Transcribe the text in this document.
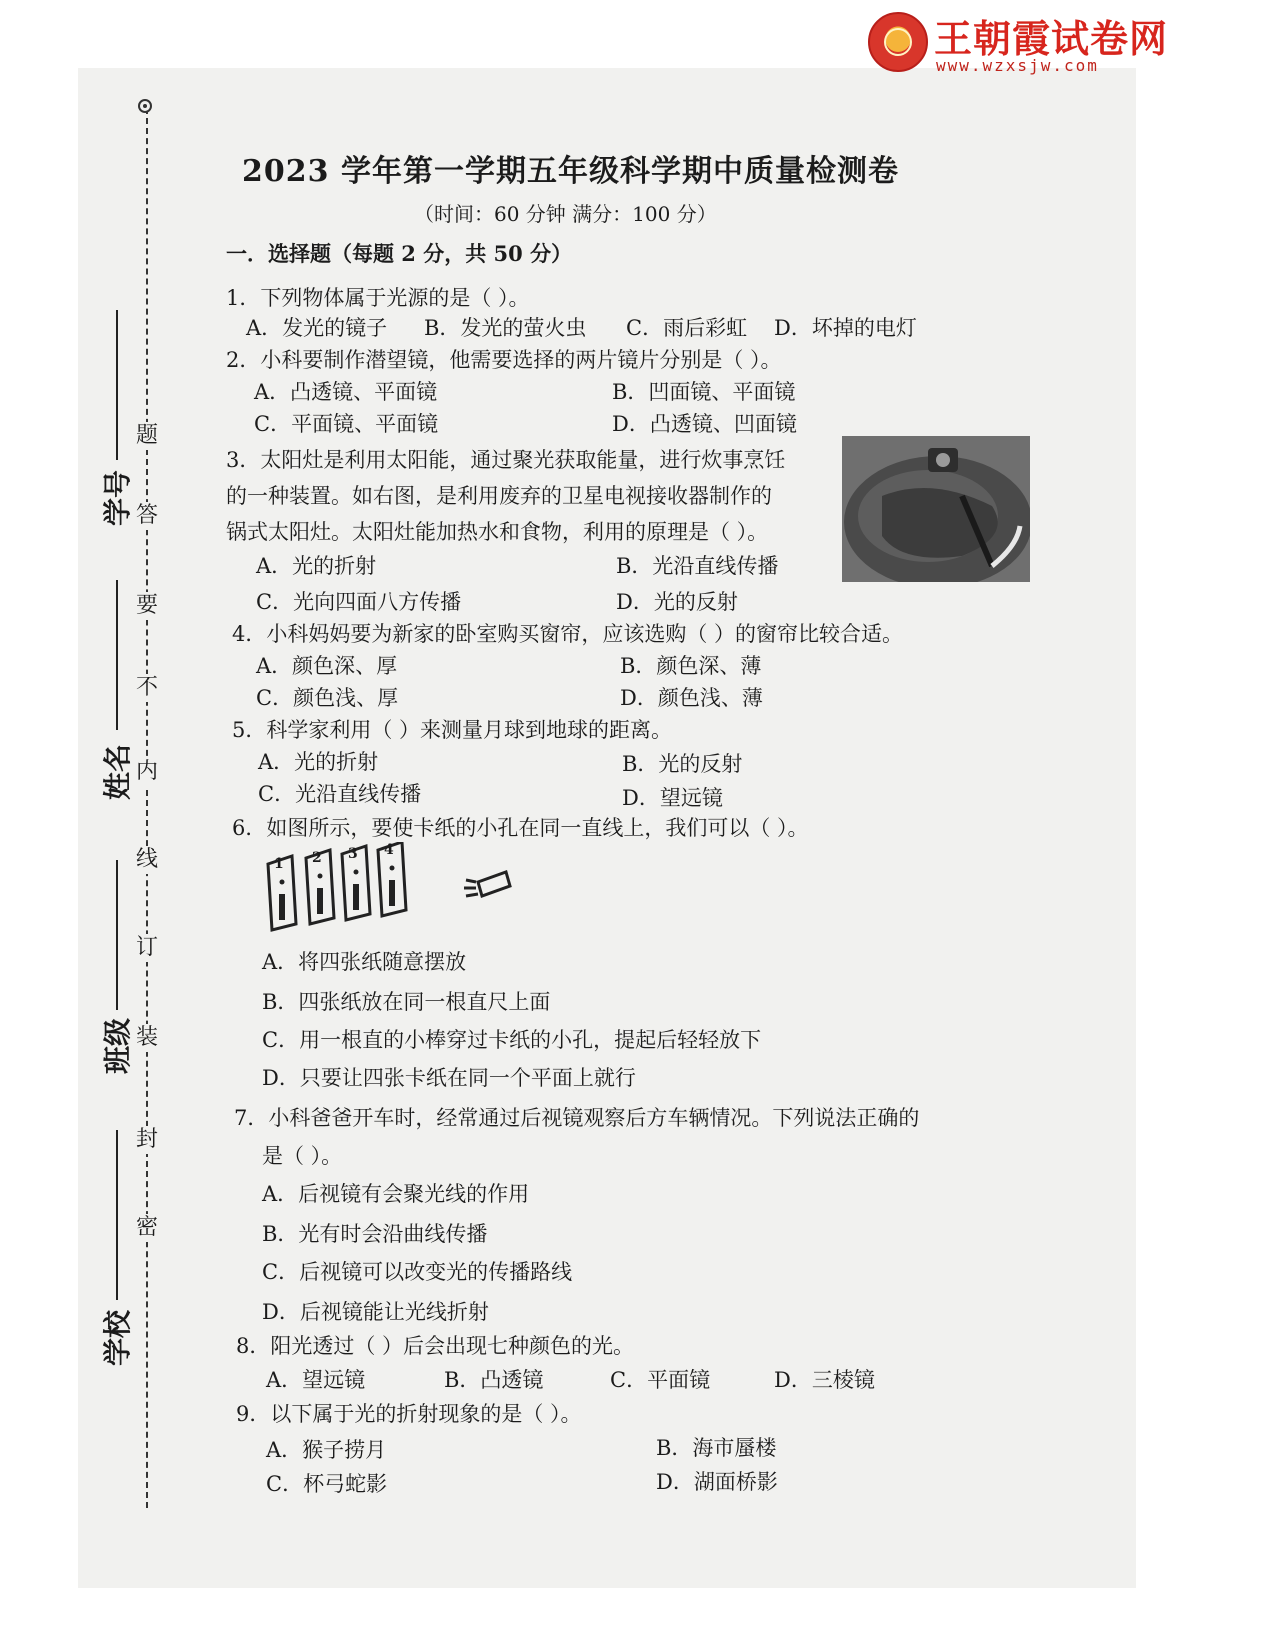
王朝霞试卷网
www.wzxsjw.com
题
答
要
不
内
线
订
装
封
密
学号
姓名
班级
学校
2023 学年第一学期五年级科学期中质量检测卷
（时间：60 分钟 满分：100 分）
一．选择题（每题 2 分，共 50 分）
1．下列物体属于光源的是（ ）。
A．发光的镜子 B．发光的萤火虫 C．雨后彩虹 D．坏掉的电灯
2．小科要制作潜望镜，他需要选择的两片镜片分别是（ ）。
A．凸透镜、平面镜	B．凹面镜、平面镜
C．平面镜、平面镜	D．凸透镜、凹面镜
3．太阳灶是利用太阳能，通过聚光获取能量，进行炊事烹饪
的一种装置。如右图，是利用废弃的卫星电视接收器制作的
锅式太阳灶。太阳灶能加热水和食物，利用的原理是（ ）。
A．光的折射	B．光沿直线传播
C．光向四面八方传播	D．光的反射
4．小科妈妈要为新家的卧室购买窗帘，应该选购（ ）的窗帘比较合适。
A．颜色深、厚	B．颜色深、薄
C．颜色浅、厚	D．颜色浅、薄
5．科学家利用（ ）来测量月球到地球的距离。
A．光的折射	B．光的反射
C．光沿直线传播	D．望远镜
6．如图所示，要使卡纸的小孔在同一直线上，我们可以（ ）。
1 2 3 4
A．将四张纸随意摆放
B．四张纸放在同一根直尺上面
C．用一根直的小棒穿过卡纸的小孔，提起后轻轻放下
D．只要让四张卡纸在同一个平面上就行
7．小科爸爸开车时，经常通过后视镜观察后方车辆情况。下列说法正确的
是（ ）。
A．后视镜有会聚光线的作用
B．光有时会沿曲线传播
C．后视镜可以改变光的传播路线
D．后视镜能让光线折射
8．阳光透过（ ）后会出现七种颜色的光。
A．望远镜	B．凸透镜	C．平面镜	D．三棱镜
9．以下属于光的折射现象的是（ ）。
A．猴子捞月	B．海市蜃楼
C．杯弓蛇影	D．湖面桥影
